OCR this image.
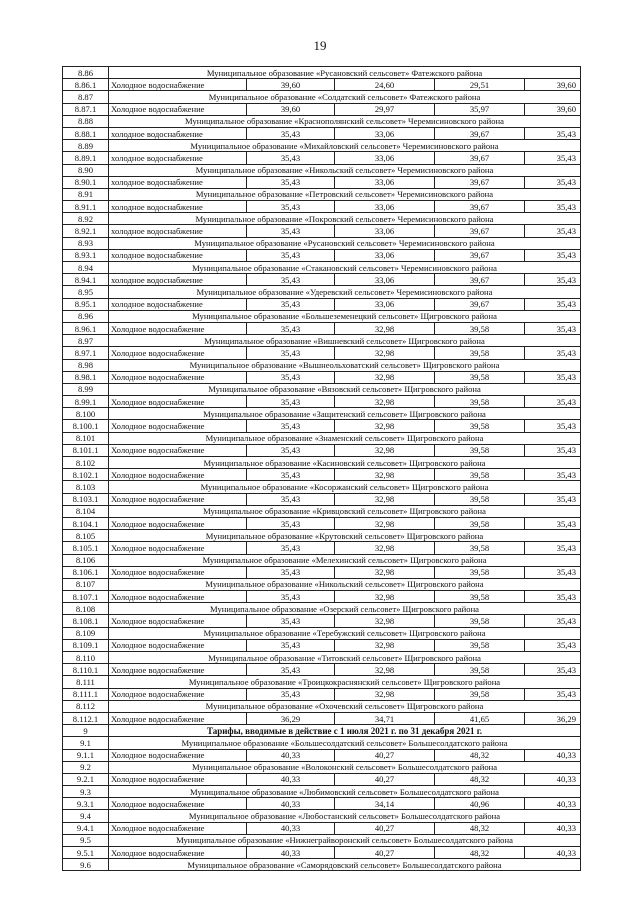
19
8.86	Муниципальное образование «Русановский сельсовет» Фатежского района				
8.86.1	Холодное водоснабжение	39,60	24,60	29,51	39,60
8.87	Муниципальное образование «Солдатский сельсовет» Фатежского района				
8.87.1	Холодное водоснабжение	39,60	29,97	35,97	39,60
8.88	Муниципальное образование «Краснополянский сельсовет» Черемисиновского района				
8.88.1	холодное водоснабжение	35,43	33,06	39,67	35,43
8.89	Муниципальное образование «Михайловский сельсовет» Черемисиновского района				
8.89.1	холодное водоснабжение	35,43	33,06	39,67	35,43
8.90	Муниципальное образование «Никольский сельсовет» Черемисиновского района				
8.90.1	холодное водоснабжение	35,43	33,06	39,67	35,43
8.91	Муниципальное образование «Петровский сельсовет» Черемисиновского района				
8.91.1	холодное водоснабжение	35,43	33,06	39,67	35,43
8.92	Муниципальное образование «Покровский сельсовет» Черемисиновского района				
8.92.1	холодное водоснабжение	35,43	33,06	39,67	35,43
8.93	Муниципальное образование «Русановский сельсовет» Черемисиновского района				
8.93.1	холодное водоснабжение	35,43	33,06	39,67	35,43
8.94	Муниципальное образование «Стакановский сельсовет» Черемисиновского района				
8.94.1	холодное водоснабжение	35,43	33,06	39,67	35,43
8.95	Муниципальное образование «Удеревский сельсовет» Черемисиновского района				
8.95.1	холодное водоснабжение	35,43	33,06	39,67	35,43
8.96	Муниципальное образование «Большеземенецкий сельсовет» Щигровского района				
8.96.1	Холодное водоснабжение	35,43	32,98	39,58	35,43
8.97	Муниципальное образование «Вишневский сельсовет» Щигровского района				
8.97.1	Холодное водоснабжение	35,43	32,98	39,58	35,43
8.98	Муниципальное образование «Вышнеольховатский сельсовет» Щигровского района				
8.98.1	Холодное водоснабжение	35,43	32,98	39,58	35,43
8.99	Муниципальное образование «Вязовский сельсовет» Щигровского района				
8.99.1	Холодное водоснабжение	35,43	32,98	39,58	35,43
8.100	Муниципальное образование «Защитенский сельсовет» Щигровского района				
8.100.1	Холодное водоснабжение	35,43	32,98	39,58	35,43
8.101	Муниципальное образование «Знаменский сельсовет» Щигровского района				
8.101.1	Холодное водоснабжение	35,43	32,98	39,58	35,43
8.102	Муниципальное образование «Касиновский сельсовет» Щигровского района				
8.102.1	Холодное водоснабжение	35,43	32,98	39,58	35,43
8.103	Муниципальное образование «Косоржанский сельсовет» Щигровского района				
8.103.1	Холодное водоснабжение	35,43	32,98	39,58	35,43
8.104	Муниципальное образование «Кривцовский сельсовет» Щигровского района				
8.104.1	Холодное водоснабжение	35,43	32,98	39,58	35,43
8.105	Муниципальное образование «Крутовский сельсовет» Щигровского района				
8.105.1	Холодное водоснабжение	35,43	32,98	39,58	35,43
8.106	Муниципальное образование «Мелехинский сельсовет» Щигровского района				
8.106.1	Холодное водоснабжение	35,43	32,98	39,58	35,43
8.107	Муниципальное образование «Никольский сельсовет» Щигровского района				
8.107.1	Холодное водоснабжение	35,43	32,98	39,58	35,43
8.108	Муниципальное образование «Озерский сельсовет» Щигровского района				
8.108.1	Холодное водоснабжение	35,43	32,98	39,58	35,43
8.109	Муниципальное образование «Теребужский сельсовет» Щигровского района				
8.109.1	Холодное водоснабжение	35,43	32,98	39,58	35,43
8.110	Муниципальное образование «Титовский сельсовет» Щигровского района				
8.110.1	Холодное водоснабжение	35,43	32,98	39,58	35,43
8.111	Муниципальное образование «Троицкокраснянский сельсовет» Щигровского района				
8.111.1	Холодное водоснабжение	35,43	32,98	39,58	35,43
8.112	Муниципальное образование «Охочевский сельсовет» Щигровского района				
8.112.1	Холодное водоснабжение	36,29	34,71	41,65	36,29
9	Тарифы, вводимые в действие с 1 июля 2021 г. по 31 декабря 2021 г.				
9.1	Муниципальное образование «Большесолдатский сельсовет» Большесолдатского района				
9.1.1	Холодное водоснабжение	40,33	40,27	48,32	40,33
9.2	Муниципальное образование «Волоконский сельсовет» Большесолдатского района				
9.2.1	Холодное водоснабжение	40,33	40,27	48,32	40,33
9.3	Муниципальное образование «Любимовский сельсовет» Большесолдатского района				
9.3.1	Холодное водоснабжение	40,33	34,14	40,96	40,33
9.4	Муниципальное образование «Любостанский сельсовет» Большесолдатского района				
9.4.1	Холодное водоснабжение	40,33	40,27	48,32	40,33
9.5	Муниципальное образование «Нижнеграйворонский сельсовет» Большесолдатского района				
9.5.1	Холодное водоснабжение	40,33	40,27	48,32	40,33
9.6	Муниципальное образование «Саморядовский сельсовет» Большесолдатского района				
